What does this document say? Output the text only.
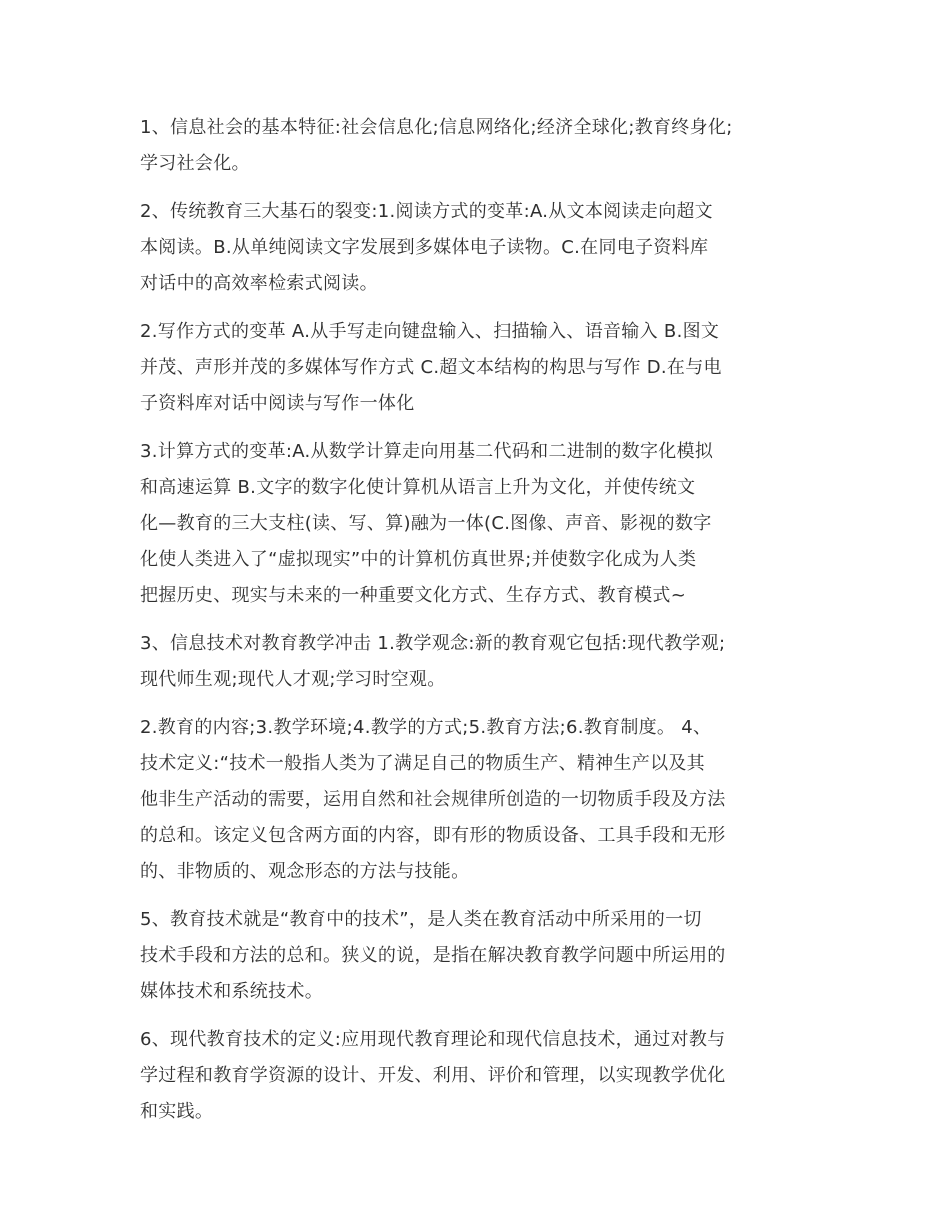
1、信息社会的基本特征:社会信息化;信息网络化;经济全球化;教育终身化;
学习社会化。
2、传统教育三大基石的裂变:1.阅读方式的变革:A.从文本阅读走向超文
本阅读。B.从单纯阅读文字发展到多媒体电子读物。C.在同电子资料库
对话中的高效率检索式阅读。
2.写作方式的变革 A.从手写走向键盘输入、扫描输入、语音输入 B.图文
并茂、声形并茂的多媒体写作方式 C.超文本结构的构思与写作 D.在与电
子资料库对话中阅读与写作一体化
3.计算方式的变革:A.从数学计算走向用基二代码和二进制的数字化模拟
和高速运算 B.文字的数字化使计算机从语言上升为文化，并使传统文
化—教育的三大支柱(读、写、算)融为一体(C.图像、声音、影视的数字
化使人类进入了“虚拟现实”中的计算机仿真世界;并使数字化成为人类
把握历史、现实与未来的一种重要文化方式、生存方式、教育模式~
3、信息技术对教育教学冲击 1.教学观念:新的教育观它包括:现代教学观;
现代师生观;现代人才观;学习时空观。
2.教育的内容;3.教学环境;4.教学的方式;5.教育方法;6.教育制度。 4、
技术定义:“技术一般指人类为了满足自己的物质生产、精神生产以及其
他非生产活动的需要，运用自然和社会规律所创造的一切物质手段及方法
的总和。该定义包含两方面的内容，即有形的物质设备、工具手段和无形
的、非物质的、观念形态的方法与技能。
5、教育技术就是“教育中的技术”，是人类在教育活动中所采用的一切
技术手段和方法的总和。狭义的说，是指在解决教育教学问题中所运用的
媒体技术和系统技术。
6、现代教育技术的定义:应用现代教育理论和现代信息技术，通过对教与
学过程和教育学资源的设计、开发、利用、评价和管理，以实现教学优化
和实践。
